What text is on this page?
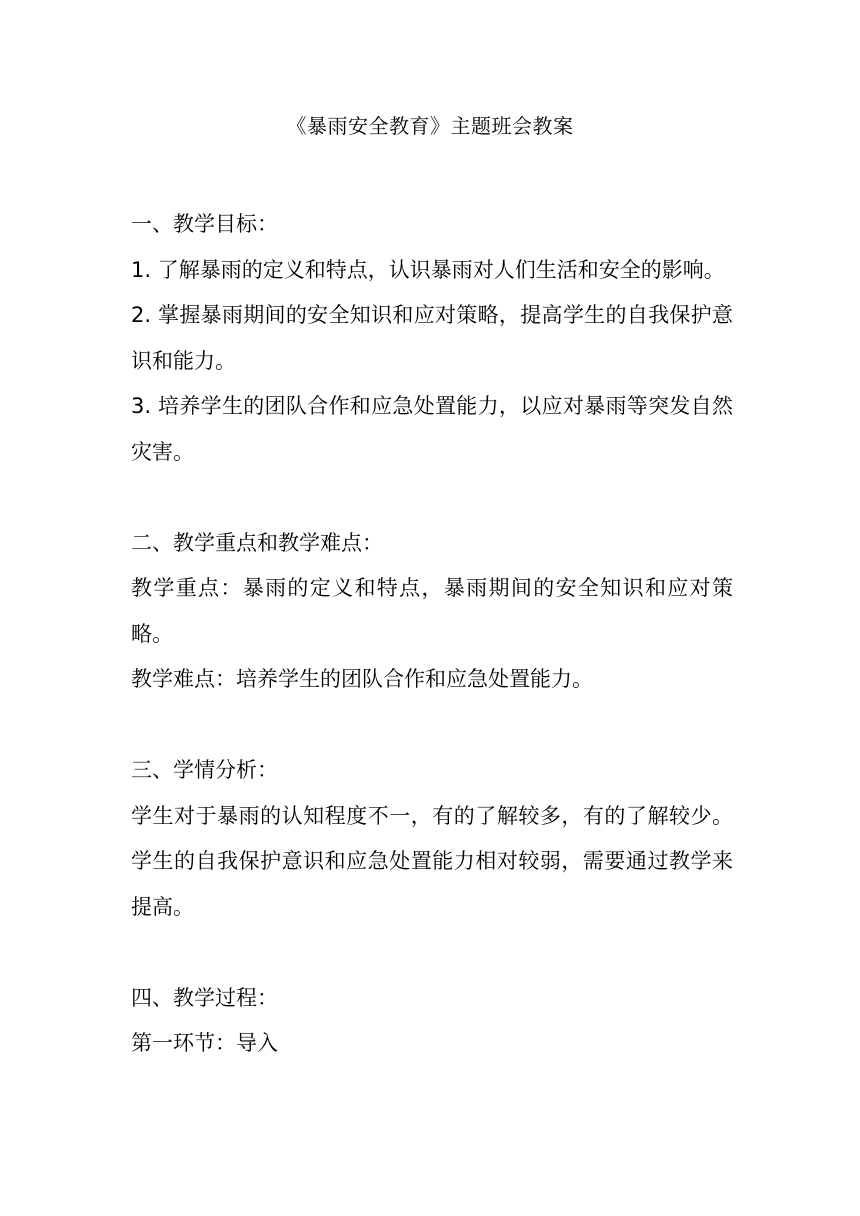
《暴雨安全教育》主题班会教案

一、教学目标：

1. 了解暴雨的定义和特点，认识暴雨对人们生活和安全的影响。

2. 掌握暴雨期间的安全知识和应对策略，提高学生的自我保护意识和能力。

3. 培养学生的团队合作和应急处置能力，以应对暴雨等突发自然灾害。

二、教学重点和教学难点：

教学重点：暴雨的定义和特点，暴雨期间的安全知识和应对策略。

教学难点：培养学生的团队合作和应急处置能力。

三、学情分析：

学生对于暴雨的认知程度不一，有的了解较多，有的了解较少。学生的自我保护意识和应急处置能力相对较弱，需要通过教学来提高。

四、教学过程：

第一环节：导入
